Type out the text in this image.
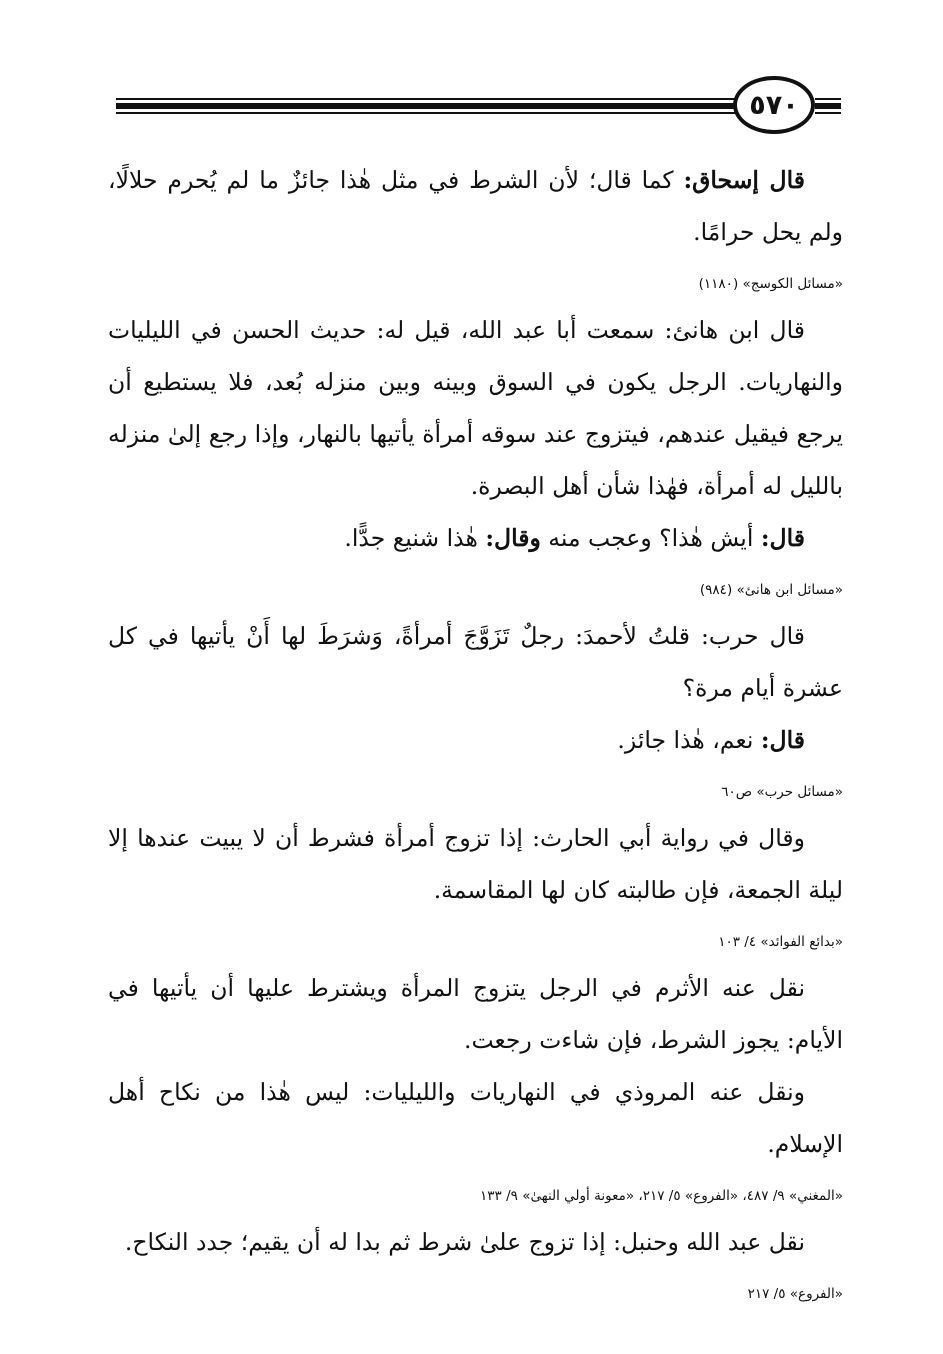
٥٧٠

قال إسحاق: كما قال؛ لأن الشرط في مثل هٰذا جائزٌ ما لم يُحرم حلالًا، ولم يحل حرامًا.

«مسائل الكوسج» (١١٨٠)

قال ابن هانئ: سمعت أبا عبد الله، قيل له: حديث الحسن في الليليات والنهاريات. الرجل يكون في السوق وبينه وبين منزله بُعد، فلا يستطيع أن يرجع فيقيل عندهم، فيتزوج عند سوقه أمرأة يأتيها بالنهار، وإذا رجع إلىٰ منزله بالليل له أمرأة، فهٰذا شأن أهل البصرة.

قال: أيش هٰذا؟ وعجب منه وقال: هٰذا شنيع جدًّا.

«مسائل ابن هانئ» (٩٨٤)

قال حرب: قلتُ لأحمدَ: رجلٌ تَزَوَّجَ أمرأةً، وَشرَطَ لها أَنْ يأتيها في كل عشرة أيام مرة؟

قال: نعم، هٰذا جائز.

«مسائل حرب» ص٦٠

وقال في رواية أبي الحارث: إذا تزوج أمرأة فشرط أن لا يبيت عندها إلا ليلة الجمعة، فإن طالبته كان لها المقاسمة.

«بدائع الفوائد» ٤/ ١٠٣

نقل عنه الأثرم في الرجل يتزوج المرأة ويشترط عليها أن يأتيها في الأيام: يجوز الشرط، فإن شاءت رجعت.

ونقل عنه المروذي في النهاريات والليليات: ليس هٰذا من نكاح أهل الإسلام.

«المغني» ٩/ ٤٨٧، «الفروع» ٥/ ٢١٧، «معونة أولي النهىٰ» ٩/ ١٣٣

نقل عبد الله وحنبل: إذا تزوج علىٰ شرط ثم بدا له أن يقيم؛ جدد النكاح.

«الفروع» ٥/ ٢١٧
